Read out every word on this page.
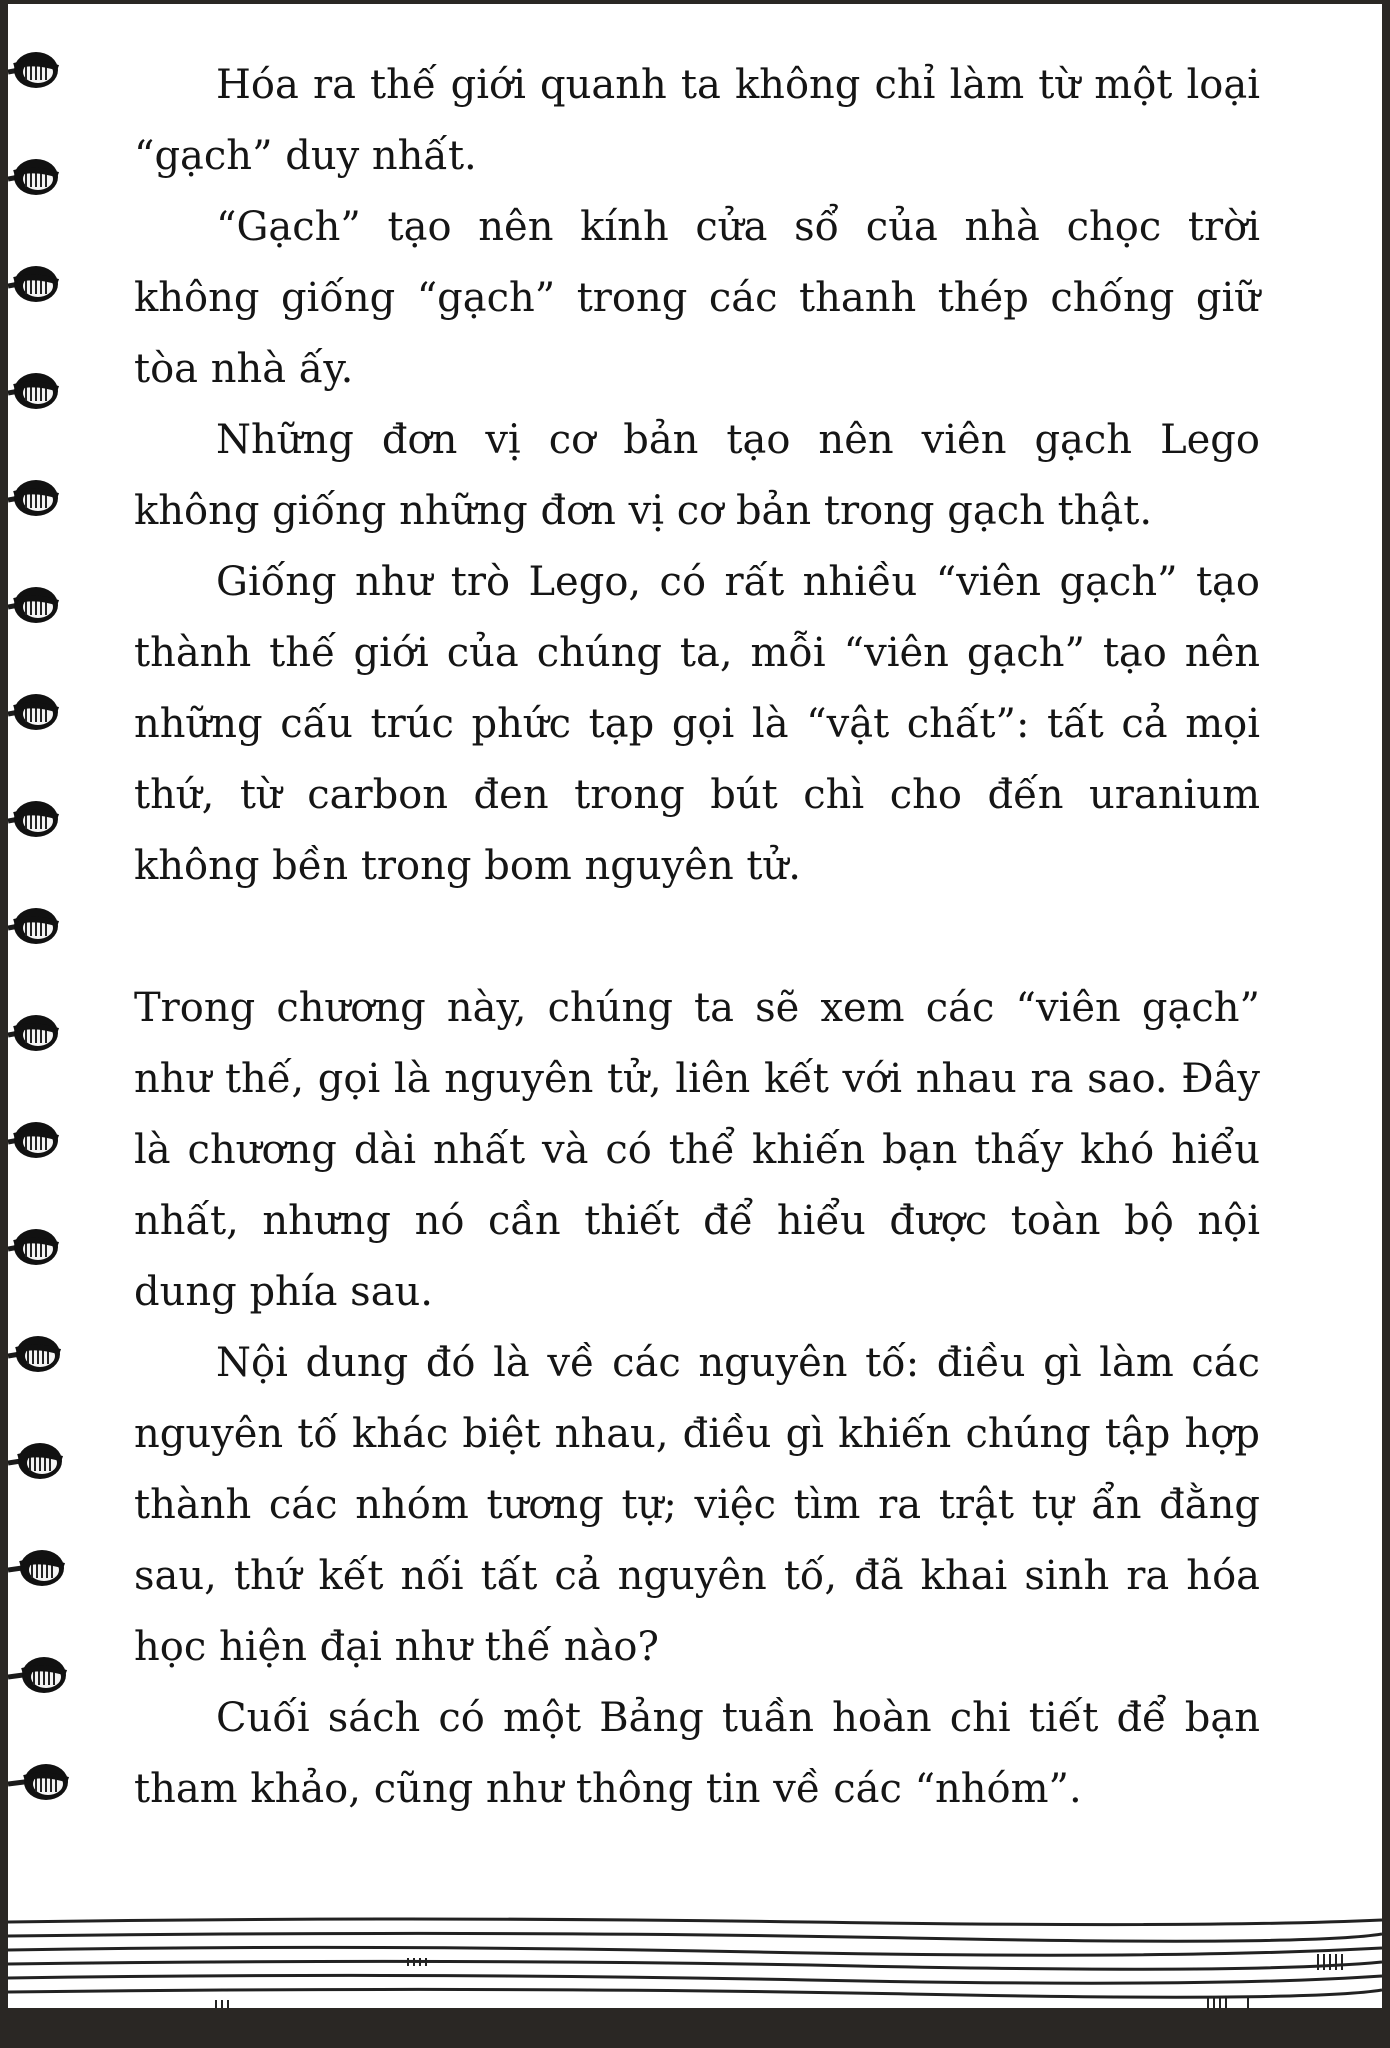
Hóa ra thế giới quanh ta không chỉ làm từ một loại “gạch” duy nhất.

“Gạch” tạo nên kính cửa sổ của nhà chọc trời không giống “gạch” trong các thanh thép chống giữ tòa nhà ấy.

Những đơn vị cơ bản tạo nên viên gạch Lego không giống những đơn vị cơ bản trong gạch thật.

Giống như trò Lego, có rất nhiều “viên gạch” tạo thành thế giới của chúng ta, mỗi “viên gạch” tạo nên những cấu trúc phức tạp gọi là “vật chất”: tất cả mọi thứ, từ carbon đen trong bút chì cho đến uranium không bền trong bom nguyên tử.

Trong chương này, chúng ta sẽ xem các “viên gạch” như thế, gọi là nguyên tử, liên kết với nhau ra sao. Đây là chương dài nhất và có thể khiến bạn thấy khó hiểu nhất, nhưng nó cần thiết để hiểu được toàn bộ nội dung phía sau.

Nội dung đó là về các nguyên tố: điều gì làm các nguyên tố khác biệt nhau, điều gì khiến chúng tập hợp thành các nhóm tương tự; việc tìm ra trật tự ẩn đằng sau, thứ kết nối tất cả nguyên tố, đã khai sinh ra hóa học hiện đại như thế nào?

Cuối sách có một Bảng tuần hoàn chi tiết để bạn tham khảo, cũng như thông tin về các “nhóm”.
